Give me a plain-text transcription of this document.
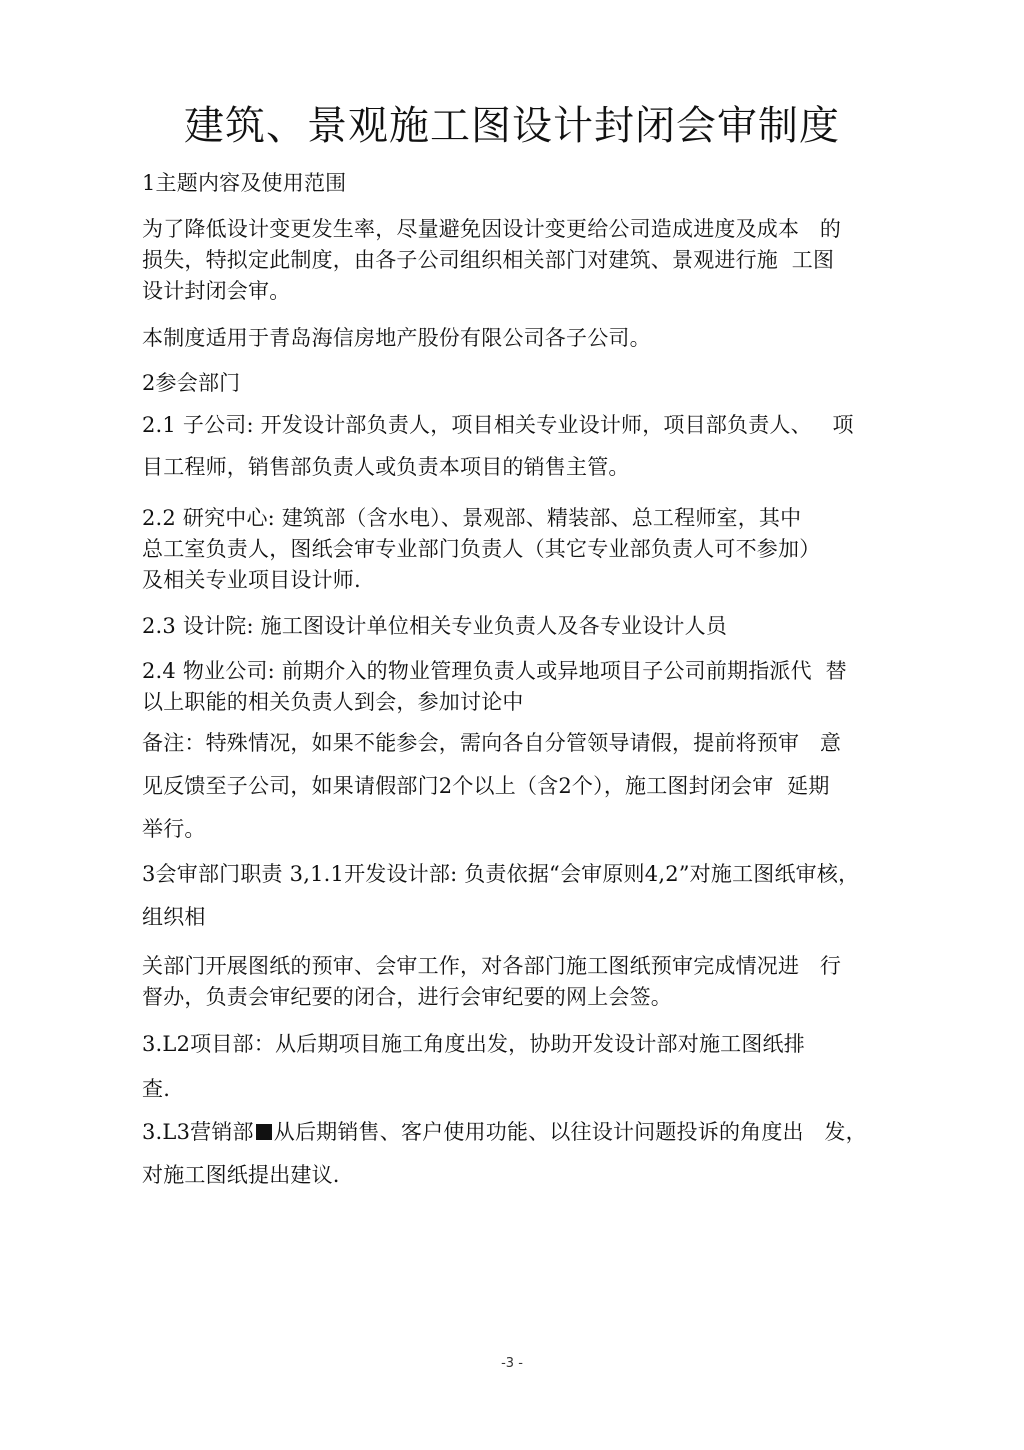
建筑、景观施工图设计封闭会审制度
1主题内容及使用范围
为了降低设计变更发生率，尽量避免因设计变更给公司造成进度及成本   的
损失，特拟定此制度，由各子公司组织相关部门对建筑、景观进行施  工图
设计封闭会审。
本制度适用于青岛海信房地产股份有限公司各子公司。
2参会部门
2.1 子公司: 开发设计部负责人，项目相关专业设计师，项目部负责人、   项
目工程师，销售部负责人或负责本项目的销售主管。
2.2 研究中心: 建筑部（含水电）、景观部、精装部、总工程师室，其中
总工室负责人，图纸会审专业部门负责人（其它专业部负责人可不参加）
及相关专业项目设计师.
2.3 设计院: 施工图设计单位相关专业负责人及各专业设计人员
2.4 物业公司: 前期介入的物业管理负责人或异地项目子公司前期指派代  替
以上职能的相关负责人到会，参加讨论中
备注：特殊情况，如果不能参会，需向各自分管领导请假，提前将预审   意
见反馈至子公司，如果请假部门2个以上（含2个），施工图封闭会审  延期
举行。
3会审部门职责 3,1.1开发设计部: 负责依据“会审原则4,2”对施工图纸审核，
组织相
关部门开展图纸的预审、会审工作，对各部门施工图纸预审完成情况进   行
督办，负责会审纪要的闭合，进行会审纪要的网上会签。
3.L2项目部：从后期项目施工角度出发，协助开发设计部对施工图纸排
查.
3.L3营销部 从后期销售、客户使用功能、以往设计问题投诉的角度出   发，
对施工图纸提出建议.
-3 -
